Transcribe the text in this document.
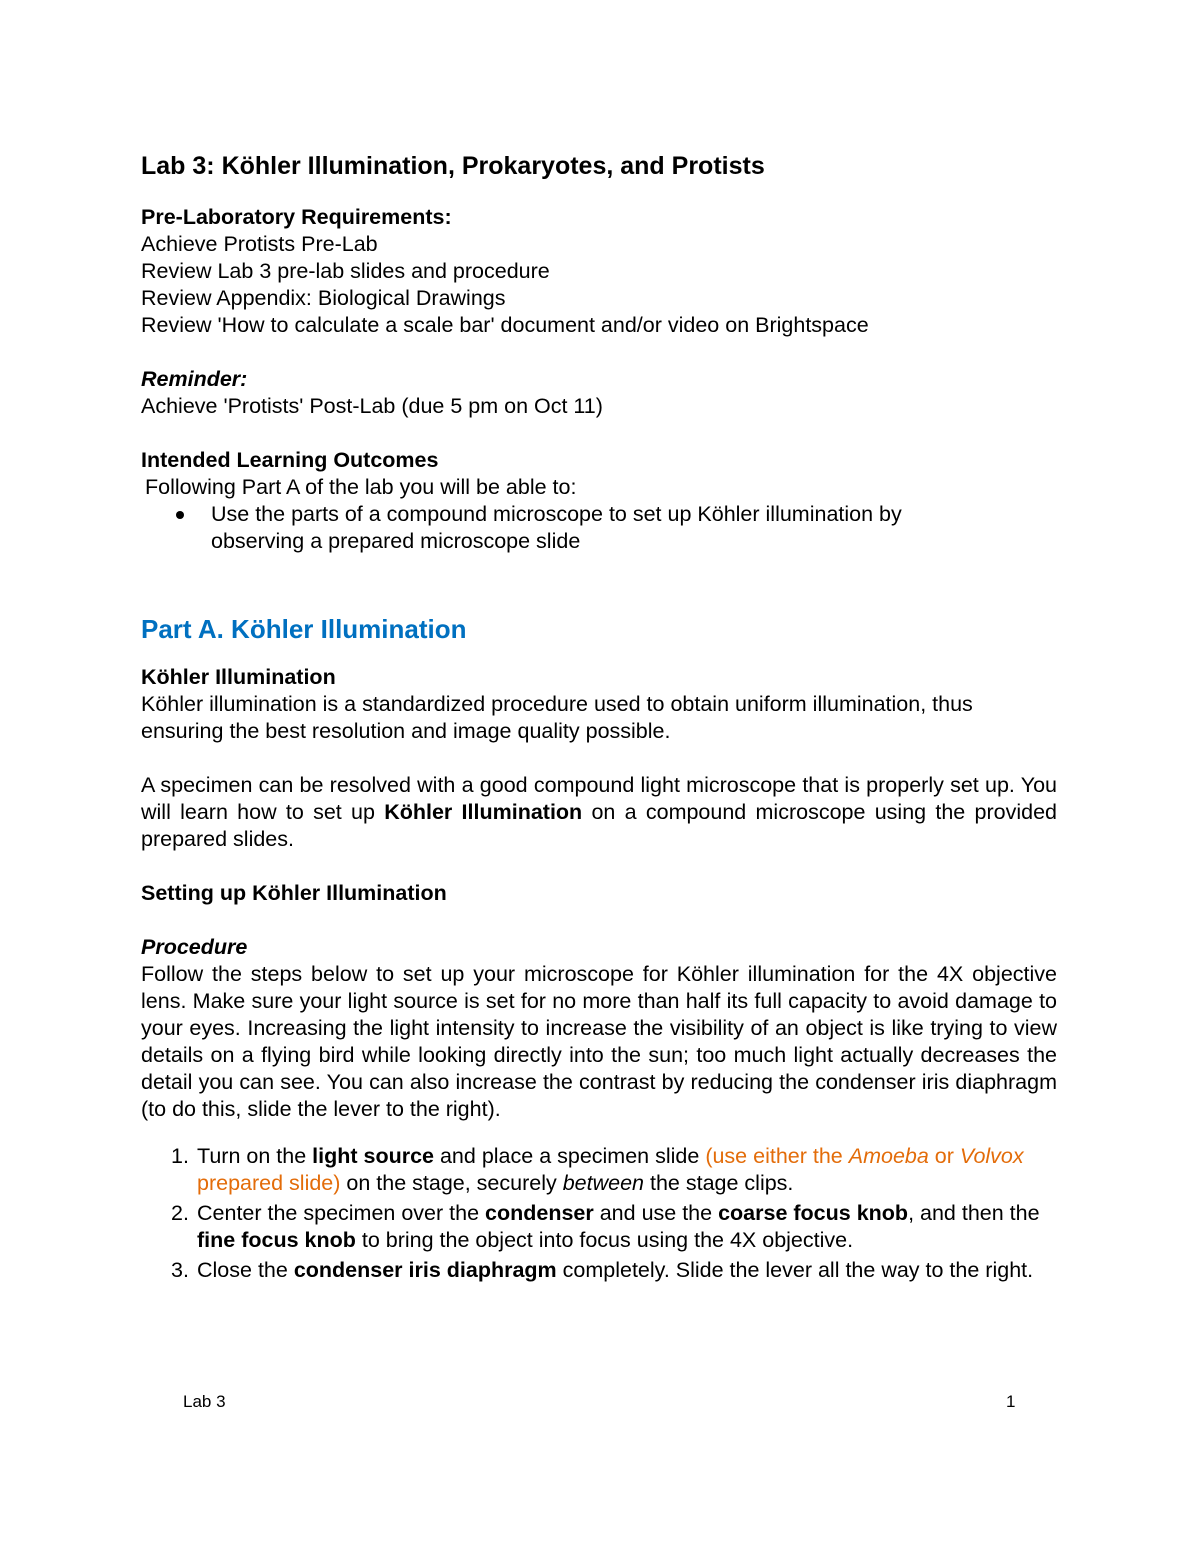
Lab 3: Köhler Illumination, Prokaryotes, and Protists
Pre-Laboratory Requirements:
Achieve Protists Pre-Lab
Review Lab 3 pre-lab slides and procedure
Review Appendix: Biological Drawings
Review 'How to calculate a scale bar' document and/or video on Brightspace
Reminder:
Achieve 'Protists' Post-Lab (due 5 pm on Oct 11)
Intended Learning Outcomes
Following Part A of the lab you will be able to:
Use the parts of a compound microscope to set up Köhler illumination by
observing a prepared microscope slide
Part A. Köhler Illumination
Köhler Illumination
Köhler illumination is a standardized procedure used to obtain uniform illumination, thus ensuring the best resolution and image quality possible.
A specimen can be resolved with a good compound light microscope that is properly set up. You will learn how to set up Köhler Illumination on a compound microscope using the provided prepared slides.
Setting up Köhler Illumination
Procedure
Follow the steps below to set up your microscope for Köhler illumination for the 4X objective lens. Make sure your light source is set for no more than half its full capacity to avoid damage to your eyes. Increasing the light intensity to increase the visibility of an object is like trying to view details on a flying bird while looking directly into the sun; too much light actually decreases the detail you can see. You can also increase the contrast by reducing the condenser iris diaphragm (to do this, slide the lever to the right).
1. Turn on the light source and place a specimen slide (use either the Amoeba or Volvox prepared slide) on the stage, securely between the stage clips.
2. Center the specimen over the condenser and use the coarse focus knob, and then the fine focus knob to bring the object into focus using the 4X objective.
3. Close the condenser iris diaphragm completely. Slide the lever all the way to the right.
Lab 3	1
